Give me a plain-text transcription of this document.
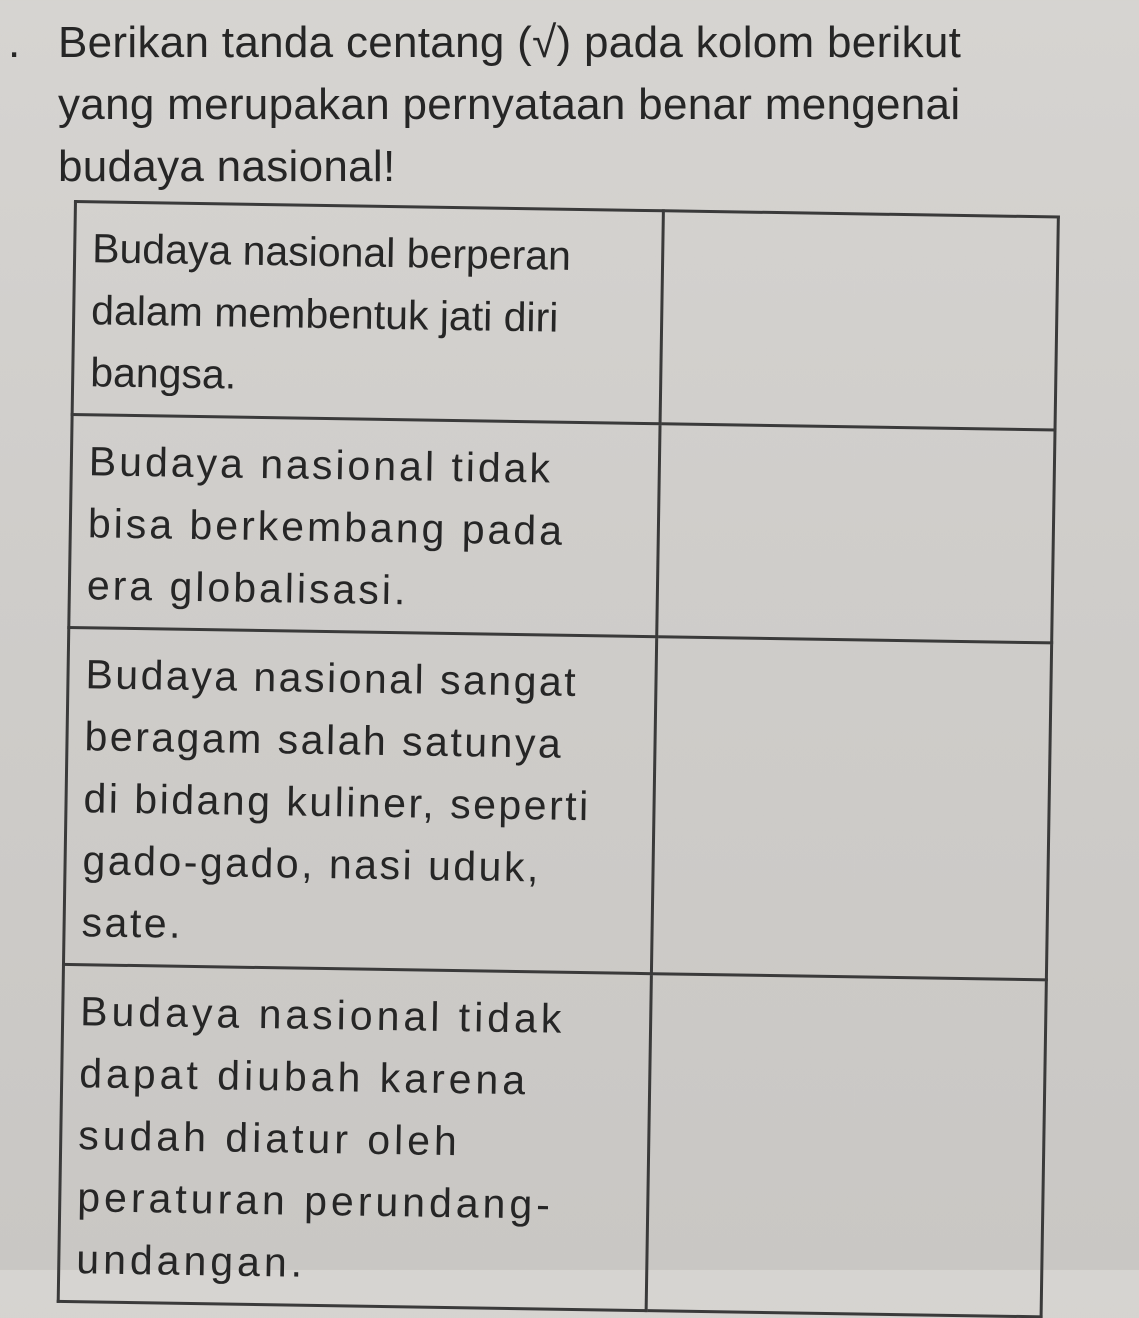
. Berikan tanda centang (√) pada kolom berikut
yang merupakan pernyataan benar mengenai
budaya nasional!
Budaya nasional berperan
dalam membentuk jati diri
bangsa.	

Budaya nasional tidak
bisa berkembang pada
era globalisasi.	

Budaya nasional sangat
beragam salah satunya
di bidang kuliner, seperti
gado-gado, nasi uduk,
sate.	

Budaya nasional tidak
dapat diubah karena
sudah diatur oleh
peraturan perundang-
undangan.	
